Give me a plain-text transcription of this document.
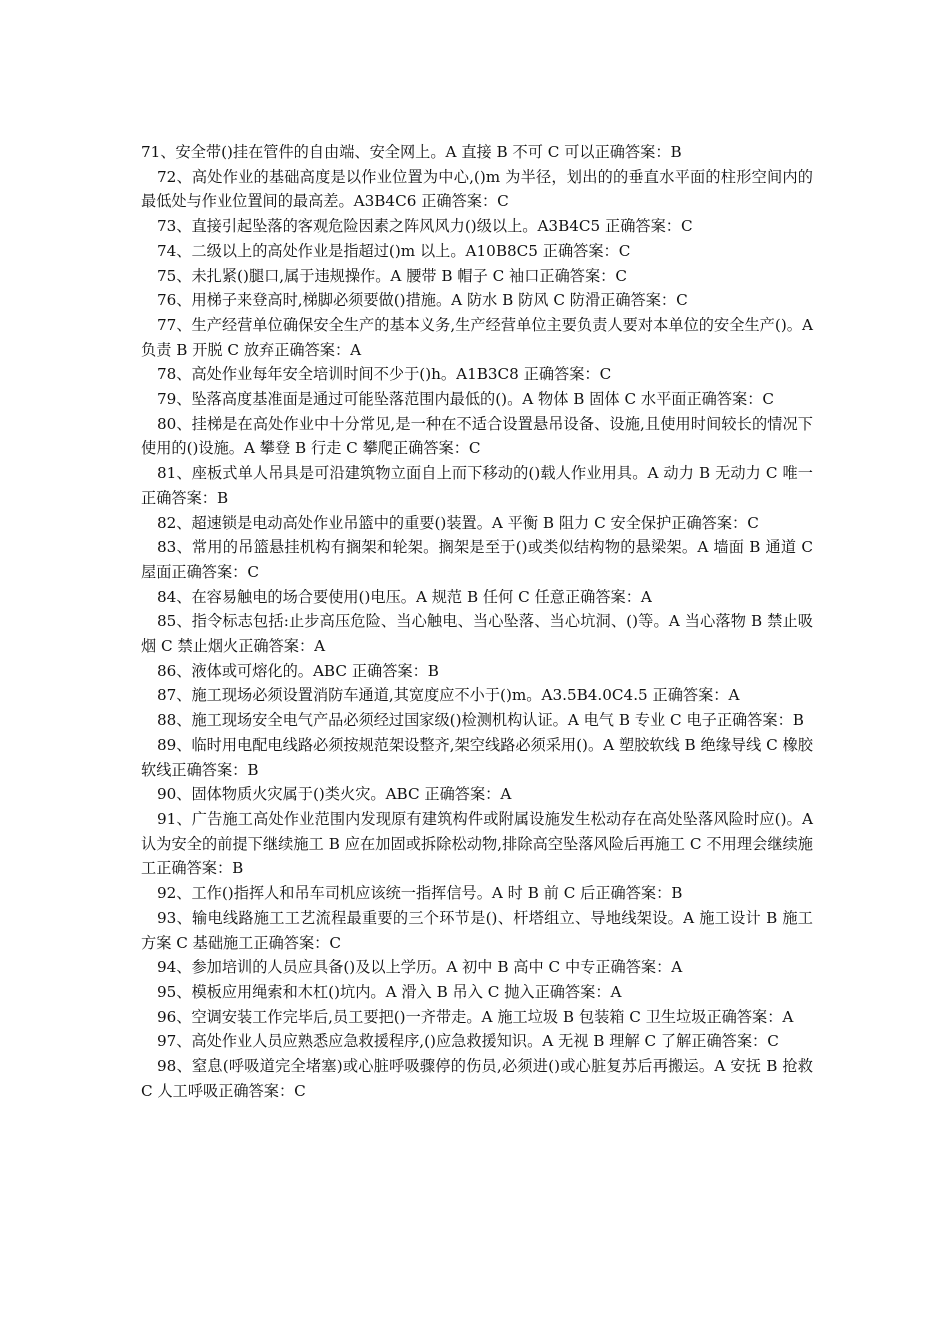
71、安全带()挂在管件的自由端、安全网上。A 直接 B 不可 C 可以正确答案：B

72、高处作业的基础高度是以作业位置为中心,()m 为半径，划出的的垂直水平面的柱形空间内的最低处与作业位置间的最高差。A3B4C6 正确答案：C

73、直接引起坠落的客观危险因素之阵风风力()级以上。A3B4C5 正确答案：C

74、二级以上的高处作业是指超过()m 以上。A10B8C5 正确答案：C

75、未扎紧()腿口,属于违规操作。A 腰带 B 帽子 C 袖口正确答案：C

76、用梯子来登高时,梯脚必须要做()措施。A 防水 B 防风 C 防滑正确答案：C

77、生产经营单位确保安全生产的基本义务,生产经营单位主要负责人要对本单位的安全生产()。A 负责 B 开脱 C 放弃正确答案：A

78、高处作业每年安全培训时间不少于()h。A1B3C8 正确答案：C

79、坠落高度基准面是通过可能坠落范围内最低的()。A 物体 B 固体 C 水平面正确答案：C

80、挂梯是在高处作业中十分常见,是一种在不适合设置悬吊设备、设施,且使用时间较长的情况下使用的()设施。A 攀登 B 行走 C 攀爬正确答案：C

81、座板式单人吊具是可沿建筑物立面自上而下移动的()载人作业用具。A 动力 B 无动力 C 唯一正确答案：B

82、超速锁是电动高处作业吊篮中的重要()装置。A 平衡 B 阻力 C 安全保护正确答案：C

83、常用的吊篮悬挂机构有搁架和轮架。搁架是至于()或类似结构物的悬梁架。A 墙面 B 通道 C 屋面正确答案：C

84、在容易触电的场合要使用()电压。A 规范 B 任何 C 任意正确答案：A

85、指令标志包括:止步高压危险、当心触电、当心坠落、当心坑洞、()等。A 当心落物 B 禁止吸烟 C 禁止烟火正确答案：A

86、液体或可熔化的。ABC 正确答案：B

87、施工现场必须设置消防车通道,其宽度应不小于()m。A3.5B4.0C4.5 正确答案：A

88、施工现场安全电气产品必须经过国家级()检测机构认证。A 电气 B 专业 C 电子正确答案：B

89、临时用电配电线路必须按规范架设整齐,架空线路必须采用()。A 塑胶软线 B 绝缘导线 C 橡胶软线正确答案：B

90、固体物质火灾属于()类火灾。ABC 正确答案：A

91、广告施工高处作业范围内发现原有建筑构件或附属设施发生松动存在高处坠落风险时应()。A 认为安全的前提下继续施工 B 应在加固或拆除松动物,排除高空坠落风险后再施工 C 不用理会继续施工正确答案：B

92、工作()指挥人和吊车司机应该统一指挥信号。A 时 B 前 C 后正确答案：B

93、输电线路施工工艺流程最重要的三个环节是()、杆塔组立、导地线架设。A 施工设计 B 施工方案 C 基础施工正确答案：C

94、参加培训的人员应具备()及以上学历。A 初中 B 高中 C 中专正确答案：A

95、模板应用绳索和木杠()坑内。A 滑入 B 吊入 C 抛入正确答案：A

96、空调安装工作完毕后,员工要把()一齐带走。A 施工垃圾 B 包装箱 C 卫生垃圾正确答案：A

97、高处作业人员应熟悉应急救援程序,()应急救援知识。A 无视 B 理解 C 了解正确答案：C

98、窒息(呼吸道完全堵塞)或心脏呼吸骤停的伤员,必须进()或心脏复苏后再搬运。A 安抚 B 抢救 C 人工呼吸正确答案：C
